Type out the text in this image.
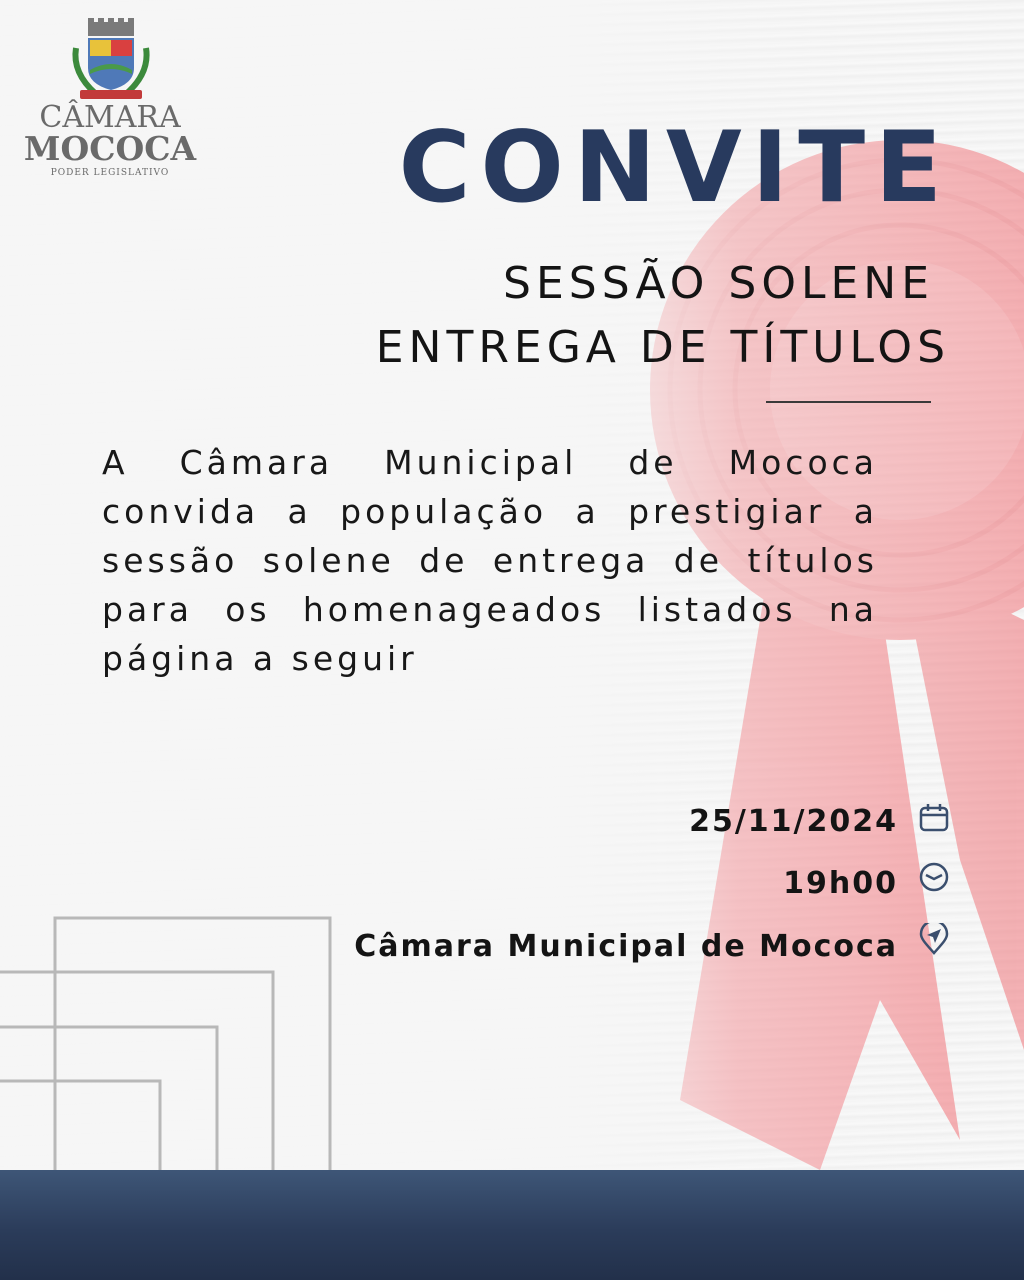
CÂMARA
MOCOCA
PODER LEGISLATIVO	CONVITE
SESSÃO SOLENE
ENTREGA DE TÍTULOS
A Câmara Municipal de Mococa convida a população a prestigiar a sessão solene de entrega de títulos para os homenageados listados na página a seguir
25/11/2024
19h00
Câmara Municipal de Mococa
